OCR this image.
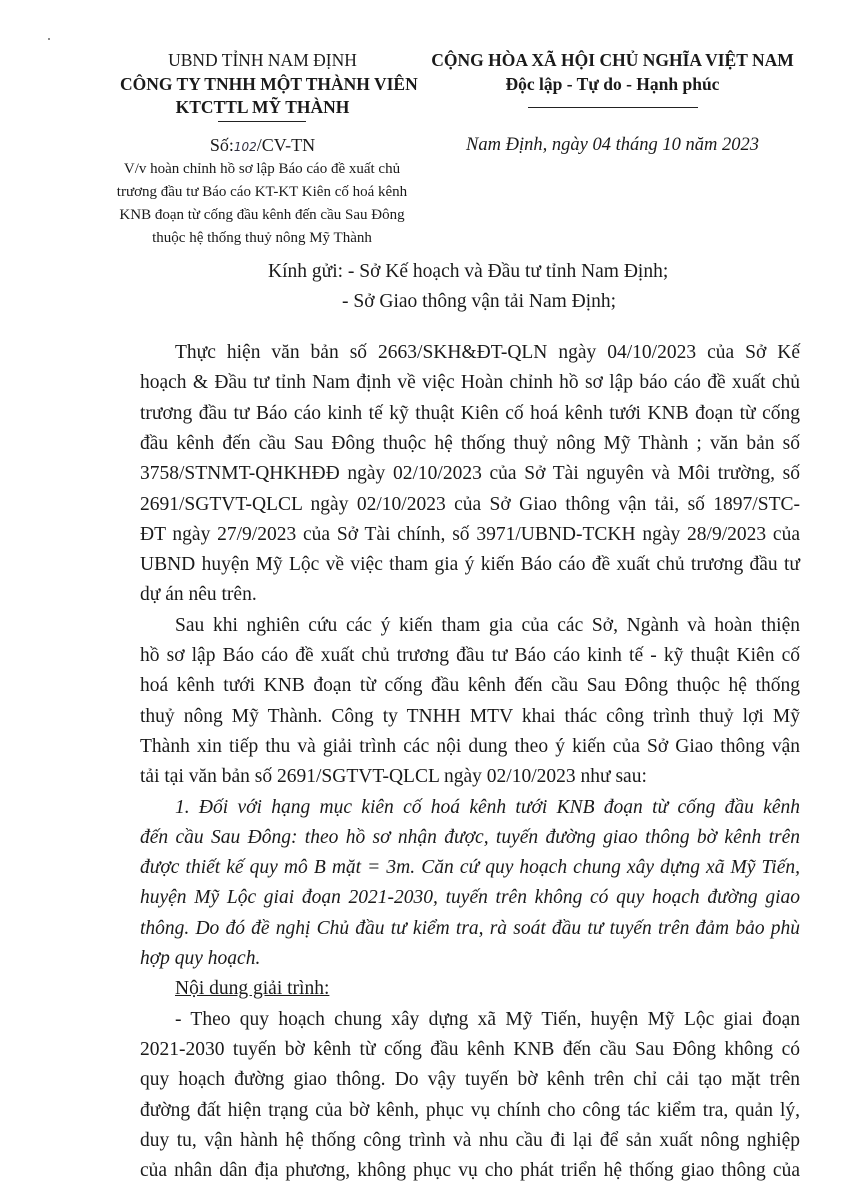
UBND TỈNH NAM ĐỊNH
CÔNG TY TNHH MỘT THÀNH VIÊN
KTCTTL MỸ THÀNH
Số:102/CV-TN
V/v hoàn chỉnh hồ sơ lập Báo cáo đề xuất chủ
trương đầu tư Báo cáo KT-KT Kiên cố hoá kênh
KNB đoạn từ cống đầu kênh đến cầu Sau Đông
thuộc hệ thống thuỷ nông Mỹ Thành
CỘNG HÒA XÃ HỘI CHỦ NGHĨA VIỆT NAM
Độc lập - Tự do - Hạnh phúc
Nam Định, ngày 04 tháng 10 năm 2023
Kính gửi: - Sở Kế hoạch và Đầu tư tỉnh Nam Định;
- Sở Giao thông vận tải Nam Định;
Thực hiện văn bản số 2663/SKH&ĐT-QLN ngày 04/10/2023 của Sở Kế
hoạch & Đầu tư tỉnh Nam định về việc Hoàn chỉnh hồ sơ lập báo cáo đề xuất chủ
trương đầu tư Báo cáo kinh tế kỹ thuật Kiên cố hoá kênh tưới KNB đoạn từ cống
đầu kênh đến cầu Sau Đông thuộc hệ thống thuỷ nông Mỹ Thành ; văn bản số
3758/STNMT-QHKHĐĐ ngày 02/10/2023 của Sở Tài nguyên và Môi trường, số
2691/SGTVT-QLCL ngày 02/10/2023 của Sở Giao thông vận tải, số 1897/STC-
ĐT ngày 27/9/2023 của Sở Tài chính, số 3971/UBND-TCKH ngày 28/9/2023 của
UBND huyện Mỹ Lộc về việc tham gia ý kiến Báo cáo đề xuất chủ trương đầu tư
dự án nêu trên.
Sau khi nghiên cứu các ý kiến tham gia của các Sở, Ngành và hoàn thiện
hồ sơ lập Báo cáo đề xuất chủ trương đầu tư Báo cáo kinh tế - kỹ thuật Kiên cố
hoá kênh tưới KNB đoạn từ cống đầu kênh đến cầu Sau Đông thuộc hệ thống
thuỷ nông Mỹ Thành. Công ty TNHH MTV khai thác công trình thuỷ lợi Mỹ
Thành xin tiếp thu và giải trình các nội dung theo ý kiến của Sở Giao thông vận
tải tại văn bản số 2691/SGTVT-QLCL ngày 02/10/2023 như sau:
1. Đối với hạng mục kiên cố hoá kênh tưới KNB đoạn từ cống đầu kênh
đến cầu Sau Đông: theo hồ sơ nhận được, tuyến đường giao thông bờ kênh trên
được thiết kế quy mô B mặt = 3m. Căn cứ quy hoạch chung xây dựng xã Mỹ Tiến,
huyện Mỹ Lộc giai đoạn 2021-2030, tuyến trên không có quy hoạch đường giao
thông. Do đó đề nghị Chủ đầu tư kiểm tra, rà soát đầu tư tuyến trên đảm bảo phù
hợp quy hoạch.
Nội dung giải trình:
- Theo quy hoạch chung xây dựng xã Mỹ Tiến, huyện Mỹ Lộc giai đoạn
2021-2030 tuyến bờ kênh từ cống đầu kênh KNB đến cầu Sau Đông không có
quy hoạch đường giao thông. Do vậy tuyến bờ kênh trên chỉ cải tạo mặt trên
đường đất hiện trạng của bờ kênh, phục vụ chính cho công tác kiểm tra, quản lý,
duy tu, vận hành hệ thống công trình và nhu cầu đi lại để sản xuất nông nghiệp
của nhân dân địa phương, không phục vụ cho phát triển hệ thống giao thông của
